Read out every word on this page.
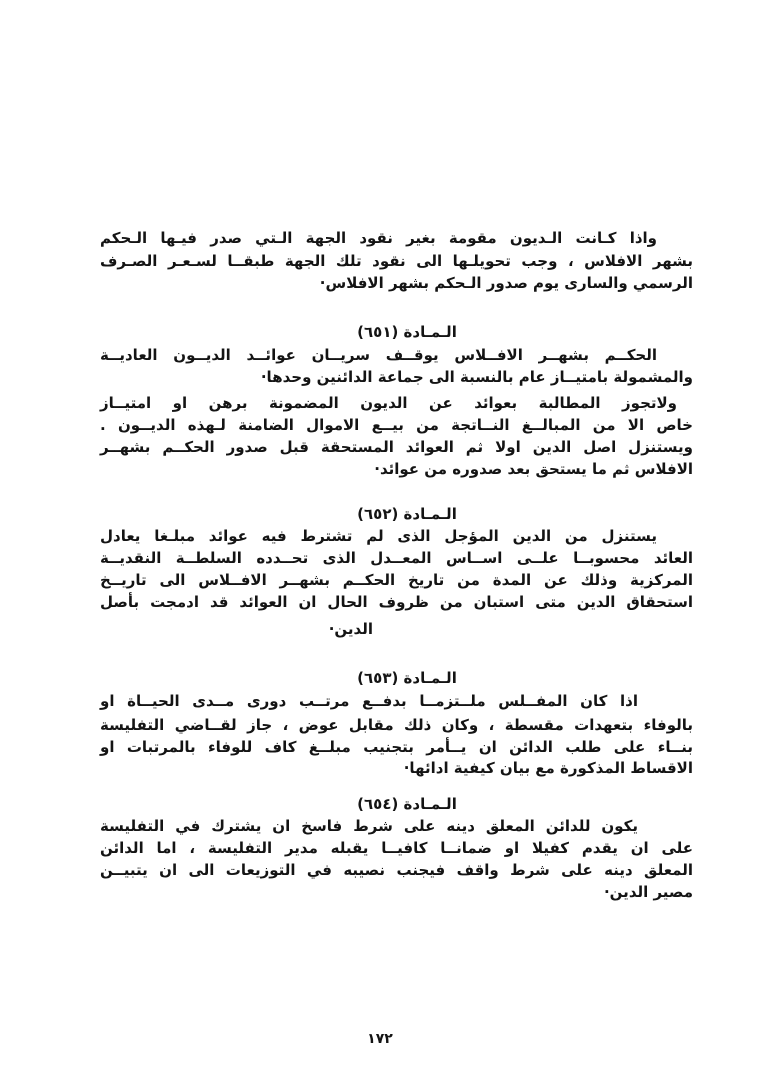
واذا كـانت الـديون مقومة بغير نقود الجهة الـتي صدر فيـها الـحكم
بشهر الافلاس ، وجب تحويلـها الى نقود تلك الجهة طبقــا لسـعـر الصـرف
الرسمي والسارى يوم صدور الـحكم بشهر الافلاس·
الـمـادة (٦٥١)
الحكــم بشهــر الافــلاس يوقــف سريــان عوائــد الديــون العاديــة
والمشمولة بامتيــاز عام بالنسبة الى جماعة الدائنين وحدها·
ولاتجوز المطالبة بعوائد عن الديون المضمونة برهن او امتيــاز
خاص الا من المبالــغ النــاتجة من بيــع الاموال الضامنة لـهذه الديــون .
ويستنزل اصل الدين اولا ثم العوائد المستحقة قبل صدور الحكــم بشهــر
الافلاس ثم ما يستحق بعد صدوره من عوائد·
الـمـادة (٦٥٢)
يستنزل من الدين المؤجل الذى لم تشترط فيه عوائد مبلـغا يعادل
العائد محسوبــا علــى اســاس المعــدل الذى تحــدده السلطــة النقديــة
المركزية وذلك عن المدة من تاريخ الحكــم بشهــر الافــلاس الى تاريــخ
استحقاق الدين متى استبان من ظروف الحال ان العوائد قد ادمجت بأصل
الدين·
الـمـادة (٦٥٣)
اذا كان المفــلس ملــتزمــا بدفــع مرتــب دورى مــدى الحيــاة او
بالوفاء بتعهدات مقسطة ، وكان ذلك مقابل عوض ، جاز لقــاضي التفليسة
بنــاء على طلب الدائن ان يــأمر بتجنيب مبلــغ كاف للوفاء بالمرتبات او
الاقساط المذكورة مع بيان كيفية ادائها·
الـمـادة (٦٥٤)
يكون للدائن المعلق دينه على شرط فاسخ ان يشترك في التفليسة
على ان يقدم كفيلا او ضمانــا كافيــا يقبله مدير التفليسة ، اما الدائن
المعلق دينه على شرط واقف فيجنب نصيبه في التوزيعات الى ان يتبيــن
مصير الدين·
١٧٢
